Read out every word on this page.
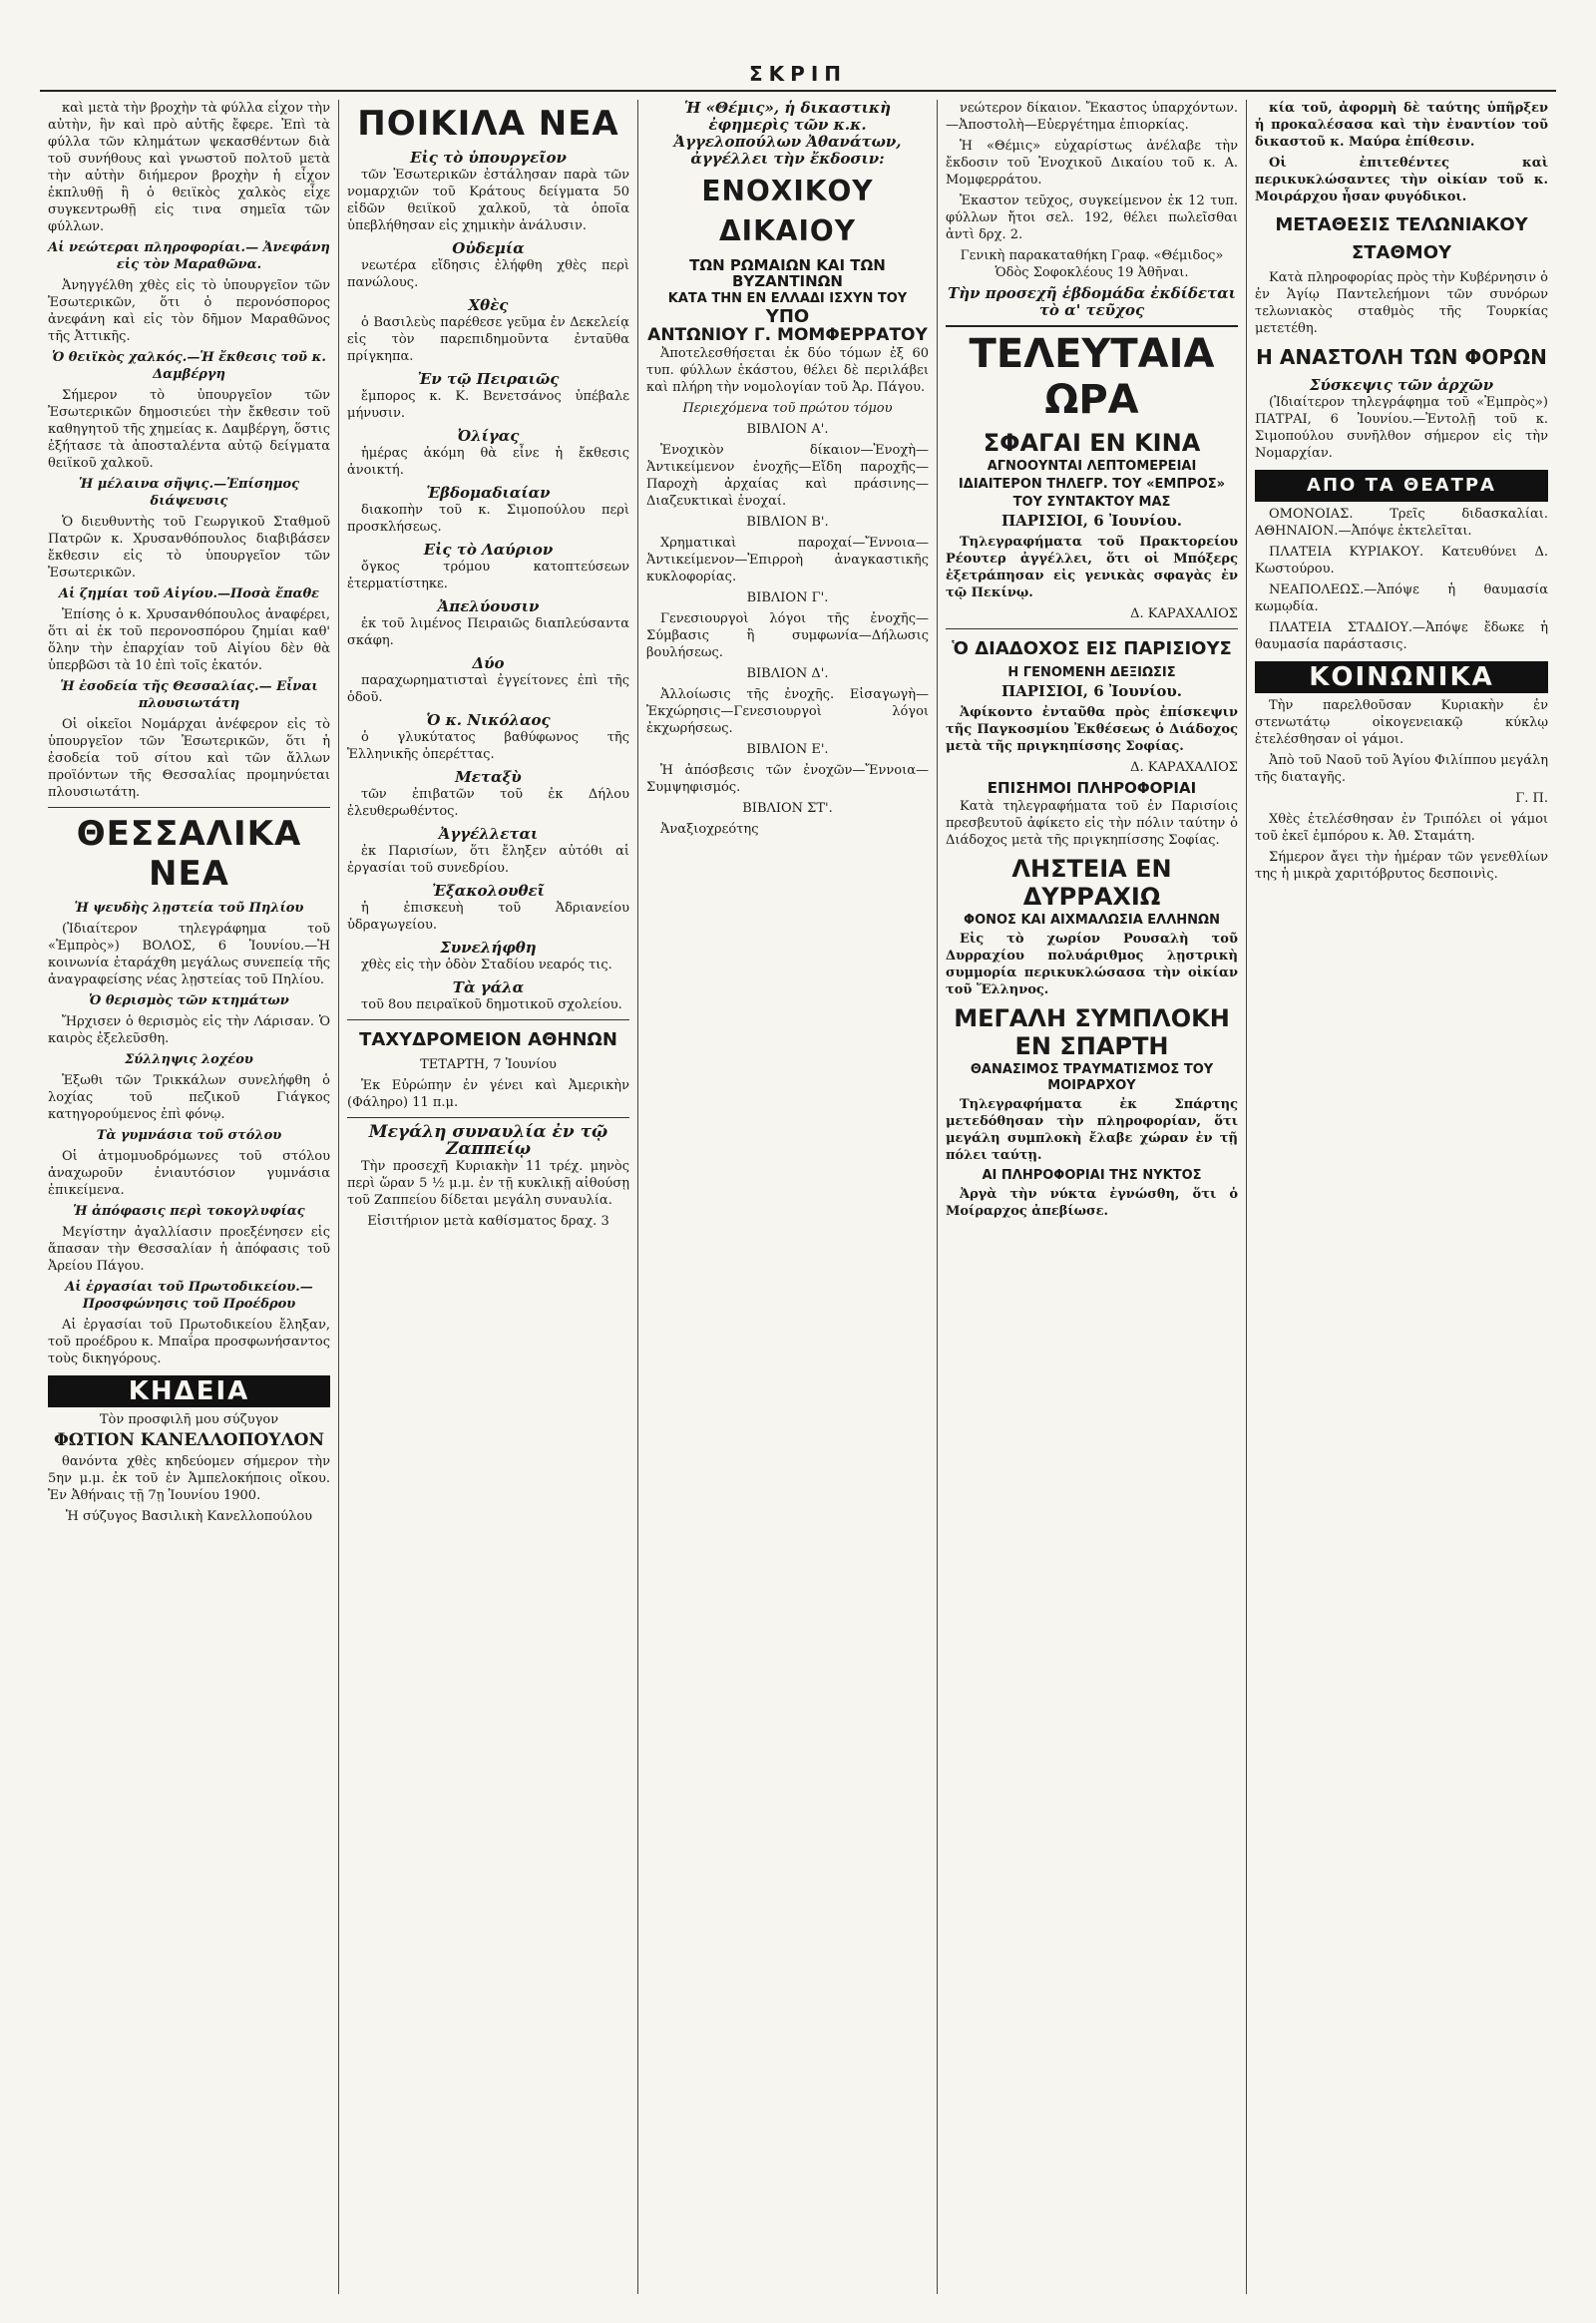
ΣΚΡΙΠ

καὶ μετὰ τὴν βροχὴν τὰ φύλλα εἶχον τὴν αὐτὴν, ἣν καὶ πρὸ αὐτῆς ἔφερε. Ἐπὶ τὰ φύλλα τῶν κλημάτων ψεκασθέντων διὰ τοῦ συνήθους καὶ γνωστοῦ πολτοῦ μετὰ τὴν αὐτὴν διήμερον βροχὴν ἡ εἶχον ἐκπλυθῇ ἢ ὁ θειϊκὸς χαλκὸς εἶχε συγκεντρωθῇ εἰς τινα σημεῖα τῶν φύλλων.

Αἱ νεώτεραι πληροφορίαι.— Ἀνεφάνη εἰς τὸν Μαραθῶνα.

Ἀνηγγέλθη χθὲς εἰς τὸ ὑπουργεῖον τῶν Ἐσωτερικῶν, ὅτι ὁ περονόσπορος ἀνεφάνη καὶ εἰς τὸν δῆμον Μαραθῶνος τῆς Ἀττικῆς.

Ὁ θειϊκὸς χαλκός.—Ἡ ἔκθεσις τοῦ κ. Δαμβέργη

Σήμερον τὸ ὑπουργεῖον τῶν Ἐσωτερικῶν δημοσιεύει τὴν ἔκθεσιν τοῦ καθηγητοῦ τῆς χημείας κ. Δαμβέργη, ὅστις ἐξήτασε τὰ ἀποσταλέντα αὐτῷ δείγματα θειϊκοῦ χαλκοῦ.

Ἡ μέλαινα σῆψις.—Ἐπίσημος διάψευσις

Ὁ διευθυντὴς τοῦ Γεωργικοῦ Σταθμοῦ Πατρῶν κ. Χρυσανθόπουλος διαβιβάσεν ἔκθεσιν εἰς τὸ ὑπουργεῖον τῶν Ἐσωτερικῶν.

Αἱ ζημίαι τοῦ Αἰγίου.—Ποσὰ ἔπαθε

Ἐπίσης ὁ κ. Χρυσανθόπουλος ἀναφέρει, ὅτι αἱ ἐκ τοῦ περονοσπόρου ζημίαι καθ' ὅλην τὴν ἐπαρχίαν τοῦ Αἰγίου δὲν θὰ ὑπερβῶσι τὰ 10 ἐπὶ τοῖς ἑκατόν.

Ἡ ἐσοδεία τῆς Θεσσαλίας.— Εἶναι πλουσιωτάτη

Οἱ οἰκεῖοι Νομάρχαι ἀνέφερον εἰς τὸ ὑπουργεῖον τῶν Ἐσωτερικῶν, ὅτι ἡ ἐσοδεία τοῦ σίτου καὶ τῶν ἄλλων προϊόντων τῆς Θεσσαλίας προμηνύεται πλουσιωτάτη.

ΘΕΣΣΑΛΙΚΑ ΝΕΑ

Ἡ ψευδὴς λῃστεία τοῦ Πηλίου

(Ἰδιαίτερον τηλεγράφημα τοῦ «Ἐμπρὸς») ΒΟΛΟΣ, 6 Ἰουνίου.—Ἡ κοινωνία ἐταράχθη μεγάλως συνεπείᾳ τῆς ἀναγραφείσης νέας λῃστείας τοῦ Πηλίου.

Ὁ θερισμὸς τῶν κτημάτων

Ἤρχισεν ὁ θερισμὸς εἰς τὴν Λάρισαν. Ὁ καιρὸς ἐξελεῦσθη.

Σύλληψις λοχέου

Ἐξωθι τῶν Τρικκάλων συνελήφθη ὁ λοχίας τοῦ πεζικοῦ Γιάγκος κατηγορούμενος ἐπὶ φόνῳ.

Τὰ γυμνάσια τοῦ στόλου

Οἱ ἀτμομυοδρόμωνες τοῦ στόλου ἀναχωροῦν ἐνιαυτόσιον γυμνάσια ἐπικείμενα.

Ἡ ἀπόφασις περὶ τοκογλυφίας

Μεγίστην ἀγαλλίασιν προεξένησεν εἰς ἅπασαν τὴν Θεσσαλίαν ἡ ἀπόφασις τοῦ Ἀρείου Πάγου.

Αἱ ἐργασίαι τοῦ Πρωτοδικείου.—Προσφώνησις τοῦ Προέδρου

Αἱ ἐργασίαι τοῦ Πρωτοδικείου ἔληξαν, τοῦ προέδρου κ. Μπαΐρα προσφωνήσαντος τοὺς δικηγόρους.

ΚΗΔΕΙΑ

Τὸν προσφιλῆ μου σύζυγον

ΦΩΤΙΟΝ ΚΑΝΕΛΛΟΠΟΥΛΟΝ

θανόντα χθὲς κηδεύομεν σήμερον τὴν 5ην μ.μ. ἐκ τοῦ ἐν Ἀμπελοκήποις οἴκου. Ἐν Ἀθήναις τῇ 7ῃ Ἰουνίου 1900.

Ἡ σύζυγος Βασιλικὴ Κανελλοπούλου

ΠΟΙΚΙΛΑ ΝΕΑ
Εἰς τὸ ὑπουργεῖον

τῶν Ἐσωτερικῶν ἐστάλησαν παρὰ τῶν νομαρχιῶν τοῦ Κράτους δείγματα 50 εἰδῶν θειϊκοῦ χαλκοῦ, τὰ ὁποῖα ὑπεβλήθησαν εἰς χημικὴν ἀνάλυσιν.

Οὐδεμία

νεωτέρα εἴδησις ἐλήφθη χθὲς περὶ πανώλους.

Χθὲς

ὁ Βασιλεὺς παρέθεσε γεῦμα ἐν Δεκελείᾳ εἰς τὸν παρεπιδημοῦντα ἐνταῦθα πρίγκηπα.

Ἐν τῷ Πειραιῶς

ἔμπορος κ. Κ. Βενετσάνος ὑπέβαλε μήνυσιν.

Ὀλίγας

ἡμέρας ἀκόμη θὰ εἶνε ἡ ἔκθεσις ἀνοικτή.

Ἑβδομαδιαίαν

διακοπὴν τοῦ κ. Σιμοπούλου περὶ προσκλήσεως.

Εἰς τὸ Λαύριον

ὄγκος τρόμου κατοπτεύσεων ἐτερματίστηκε.

Ἀπελύουσιν

ἐκ τοῦ λιμένος Πειραιῶς διαπλεύσαντα σκάφη.

Δύο

παραχωρηματισταὶ ἐγγείτονες ἐπὶ τῆς ὁδοῦ.

Ὁ κ. Νικόλαος

ὁ γλυκύτατος βαθύφωνος τῆς Ἑλληνικῆς ὀπερέττας.

Μεταξὺ

τῶν ἐπιβατῶν τοῦ ἐκ Δήλου ἐλευθερωθέντος.

Ἀγγέλλεται

ἐκ Παρισίων, ὅτι ἔληξεν αὐτόθι αἱ ἐργασίαι τοῦ συνεδρίου.

Ἐξακολουθεῖ

ἡ ἐπισκευὴ τοῦ Ἀδριανείου ὑδραγωγείου.

Συνελήφθη

χθὲς εἰς τὴν ὁδὸν Σταδίου νεαρός τις.

Τὰ γάλα

τοῦ 8ου πειραϊκοῦ δημοτικοῦ σχολείου.

ΤΑΧΥΔΡΟΜΕΙΟΝ ΑΘΗΝΩΝ

ΤΕΤΑΡΤΗ, 7 Ἰουνίου

Ἐκ Εὐρώπην ἐν γένει καὶ Ἀμερικὴν (Φάληρο) 11 π.μ.

Μεγάλη συναυλία ἐν τῷ Ζαππείῳ

Τὴν προσεχῆ Κυριακὴν 11 τρέχ. μηνὸς περὶ ὥραν 5 ½ μ.μ. ἐν τῇ κυκλικῇ αἰθούσῃ τοῦ Ζαππείου δίδεται μεγάλη συναυλία.

Εἰσιτήριον μετὰ καθίσματος δραχ. 3

Ἡ «Θέμις», ἡ δικαστικὴ ἐφημερὶς τῶν κ.κ. Ἀγγελοπούλων Ἀθανάτων, ἀγγέλλει τὴν ἔκδοσιν:

ΕΝΟΧΙΚΟΥ ΔΙΚΑΙΟΥ
ΤΩΝ ΡΩΜΑΙΩΝ ΚΑΙ ΤΩΝ ΒΥΖΑΝΤΙΝΩΝ
ΚΑΤΑ ΤΗΝ ΕΝ ΕΛΛΑΔΙ ΙΣΧΥΝ ΤΟΥ
ΥΠΟ
ΑΝΤΩΝΙΟΥ Γ. ΜΟΜΦΕΡΡΑΤΟΥ

Ἀποτελεσθήσεται ἐκ δύο τόμων ἐξ 60 τυπ. φύλλων ἑκάστου, θέλει δὲ περιλάβει καὶ πλήρη τὴν νομολογίαν τοῦ Ἀρ. Πάγου.

Περιεχόμενα τοῦ πρώτου τόμου

ΒΙΒΛΙΟΝ Α'.

Ἐνοχικὸν δίκαιον—Ἐνοχὴ—Ἀντικείμενον ἐνοχῆς—Εἴδη παροχῆς—Παροχὴ ἀρχαίας καὶ πράσινης—Διαζευκτικαὶ ἐνοχαί.

ΒΙΒΛΙΟΝ Β'.

Χρηματικαὶ παροχαί—Ἔννοια—Ἀντικείμενον—Ἐπιρροὴ ἀναγκαστικῆς κυκλοφορίας.

ΒΙΒΛΙΟΝ Γ'.

Γενεσιουργοὶ λόγοι τῆς ἐνοχῆς—Σύμβασις ἢ συμφωνία—Δήλωσις βουλήσεως.

ΒΙΒΛΙΟΝ Δ'.

Ἀλλοίωσις τῆς ἐνοχῆς. Εἰσαγωγὴ—Ἐκχώρησις—Γενεσιουργοὶ λόγοι ἐκχωρήσεως.

ΒΙΒΛΙΟΝ Ε'.

Ἡ ἀπόσβεσις τῶν ἐνοχῶν—Ἔννοια—Συμψηφισμός.

ΒΙΒΛΙΟΝ ΣΤ'.

Ἀναξιοχρεότης

νεώτερον δίκαιον. Ἔκαστος ὑπαρχόντων.—Ἀποστολὴ—Εὐεργέτημα ἐπιορκίας.

Ἡ «Θέμις» εὐχαρίστως ἀνέλαβε τὴν ἔκδοσιν τοῦ Ἐνοχικοῦ Δικαίου τοῦ κ. Α. Μομφερράτου.

Ἐκαστον τεῦχος, συγκείμενον ἐκ 12 τυπ. φύλλων ἤτοι σελ. 192, θέλει πωλεῖσθαι ἀντὶ δρχ. 2.

Γενικὴ παρακαταθήκη Γραφ. «Θέμιδος» Ὁδὸς Σοφοκλέους 19 Ἀθῆναι.

Τὴν προσεχῆ ἑβδομάδα ἐκδίδεται τὸ α' τεῦχος

ΤΕΛΕΥΤΑΙΑ ΩΡΑ
ΣΦΑΓΑΙ ΕΝ ΚΙΝΑ
ΑΓΝΟΟΥΝΤΑΙ ΛΕΠΤΟΜΕΡΕΙΑΙ
ΙΔΙΑΙΤΕΡΟΝ ΤΗΛΕΓΡ. ΤΟΥ «ΕΜΠΡΟΣ»
ΤΟΥ ΣΥΝΤΑΚΤΟΥ ΜΑΣ

ΠΑΡΙΣΙΟΙ, 6 Ἰουνίου.

Τηλεγραφήματα τοῦ Πρακτορείου Ρέουτερ ἀγγέλλει, ὅτι οἱ Μπόξερς ἐξετράπησαν εἰς γενικὰς σφαγὰς ἐν τῷ Πεκίνῳ.

Δ. ΚΑΡΑΧΑΛΙΟΣ

Ὁ ΔΙΑΔΟΧΟΣ ΕΙΣ ΠΑΡΙΣΙΟΥΣ
Η ΓΕΝΟΜΕΝΗ ΔΕΞΙΩΣΙΣ

ΠΑΡΙΣΙΟΙ, 6 Ἰουνίου.

Ἀφίκοντο ἐνταῦθα πρὸς ἐπίσκεψιν τῆς Παγκοσμίου Ἐκθέσεως ὁ Διάδοχος μετὰ τῆς πριγκηπίσσης Σοφίας.

Δ. ΚΑΡΑΧΑΛΙΟΣ

ΕΠΙΣΗΜΟΙ ΠΛΗΡΟΦΟΡΙΑΙ

Κατὰ τηλεγραφήματα τοῦ ἐν Παρισίοις πρεσβευτοῦ ἀφίκετο εἰς τὴν πόλιν ταύτην ὁ Διάδοχος μετὰ τῆς πριγκηπίσσης Σοφίας.

ΛΗΣΤΕΙΑ ΕΝ ΔΥΡΡΑΧΙΩ
ΦΟΝΟΣ ΚΑΙ ΑΙΧΜΑΛΩΣΙΑ ΕΛΛΗΝΩΝ

Εἰς τὸ χωρίον Ρουσαλὴ τοῦ Δυρραχίου πολυάριθμος λῃστρικὴ συμμορία περικυκλώσασα τὴν οἰκίαν τοῦ Ἕλληνος.

ΜΕΓΑΛΗ ΣΥΜΠΛΟΚΗ ΕΝ ΣΠΑΡΤΗ
ΘΑΝΑΣΙΜΟΣ ΤΡΑΥΜΑΤΙΣΜΟΣ ΤΟΥ ΜΟΙΡΑΡΧΟΥ

Τηλεγραφήματα ἐκ Σπάρτης μετεδόθησαν τὴν πληροφορίαν, ὅτι μεγάλη συμπλοκὴ ἔλαβε χώραν ἐν τῇ πόλει ταύτῃ.

ΑΙ ΠΛΗΡΟΦΟΡΙΑΙ ΤΗΣ ΝΥΚΤΟΣ

Ἀργὰ τὴν νύκτα ἐγνώσθη, ὅτι ὁ Μοίραρχος ἀπεβίωσε.

κία τοῦ, ἀφορμὴ δὲ ταύτης ὑπῆρξεν ἡ προκαλέσασα καὶ τὴν ἐναντίον τοῦ δικαστοῦ κ. Μαύρα ἐπίθεσιν.

Οἱ ἐπιτεθέντες καὶ περικυκλώσαντες τὴν οἰκίαν τοῦ κ. Μοιράρχου ἦσαν φυγόδικοι.

ΜΕΤΑΘΕΣΙΣ ΤΕΛΩΝΙΑΚΟΥ ΣΤΑΘΜΟΥ

Κατὰ πληροφορίας πρὸς τὴν Κυβέρνησιν ὁ ἐν Ἁγίῳ Παντελεήμονι τῶν συνόρων τελωνιακὸς σταθμὸς τῆς Τουρκίας μετετέθη.

Η ΑΝΑΣΤΟΛΗ ΤΩΝ ΦΟΡΩΝ
Σύσκεψις τῶν ἀρχῶν

(Ἰδιαίτερον τηλεγράφημα τοῦ «Ἐμπρὸς») ΠΑΤΡΑΙ, 6 Ἰουνίου.—Ἐντολῇ τοῦ κ. Σιμοπούλου συνῆλθον σήμερον εἰς τὴν Νομαρχίαν.

ΑΠΟ ΤΑ ΘΕΑΤΡΑ

ΟΜΟΝΟΙΑΣ. Τρεῖς διδασκαλίαι. ΑΘΗΝΑΙΟΝ.—Ἀπόψε ἐκτελεῖται.

ΠΛΑΤΕΙΑ ΚΥΡΙΑΚΟΥ. Κατευθύνει Δ. Κωστούρου.

ΝΕΑΠΟΛΕΩΣ.—Ἀπόψε ἡ θαυμασία κωμῳδία.

ΠΛΑΤΕΙΑ ΣΤΑΔΙΟΥ.—Ἀπόψε ἔδωκε ἡ θαυμασία παράστασις.

ΚΟΙΝΩΝΙΚΑ

Τὴν παρελθοῦσαν Κυριακὴν ἐν στενωτάτῳ οἰκογενειακῷ κύκλῳ ἐτελέσθησαν οἱ γάμοι.

Ἀπὸ τοῦ Ναοῦ τοῦ Ἁγίου Φιλίππου μεγάλη τῆς διαταγῆς.

Γ. Π.

Χθὲς ἐτελέσθησαν ἐν Τριπόλει οἱ γάμοι τοῦ ἐκεῖ ἐμπόρου κ. Ἀθ. Σταμάτη.

Σήμερον ἄγει τὴν ἡμέραν τῶν γενεθλίων της ἡ μικρὰ χαριτόβρυτος δεσποινὶς.
